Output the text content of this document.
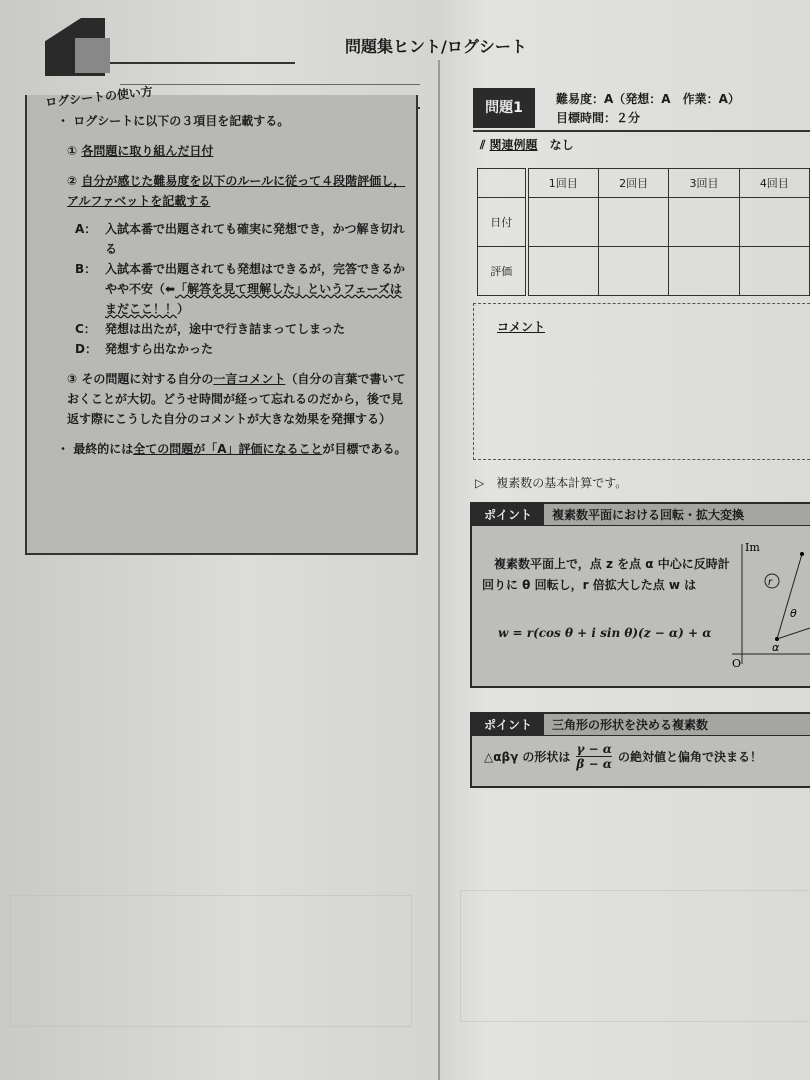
問題集ヒント/ログシート
・ ログシートに以下の３項目を記載する。
① 各問題に取り組んだ日付
② 自分が感じた難易度を以下のルールに従って４段階評価し，アルファベットを記載する
A： 入試本番で出題されても確実に発想でき，かつ解き切れる
B： 入試本番で出題されても発想はできるが，完答できるかやや不安（⬅「解答を見て理解した」というフェーズはまだここ！！）
C： 発想は出たが，途中で行き詰まってしまった
D： 発想すら出なかった
③ その問題に対する自分の一言コメント（自分の言葉で書いておくことが大切。どうせ時間が経って忘れるのだから，後で見返す際にこうした自分のコメントが大きな効果を発揮する）
・ 最終的には全ての問題が「A」評価になることが目標である。
ログシートの使い方	問題1
難易度：A（発想：A　作業：A）
目標時間：２分
⫽ 関連例題　 なし
	1回目	2回目	3回目	4回目
日付				
評価				
コメント
▷　複素数の基本計算です。
ポイント	複素数平面における回転・拡大変換
複素数平面上で，点 z を点 α 中心に反時計回りに θ 回転し，r 倍拡大した点 w は
w = r(cos θ + i sin θ)(z − α) + α
Im
O
α
θ
r
ポイント	三角形の形状を決める複素数
△αβγ の形状は $\frac{\gamma - \alpha}{\beta - \alpha}$ の絶対値と偏角で決まる！
